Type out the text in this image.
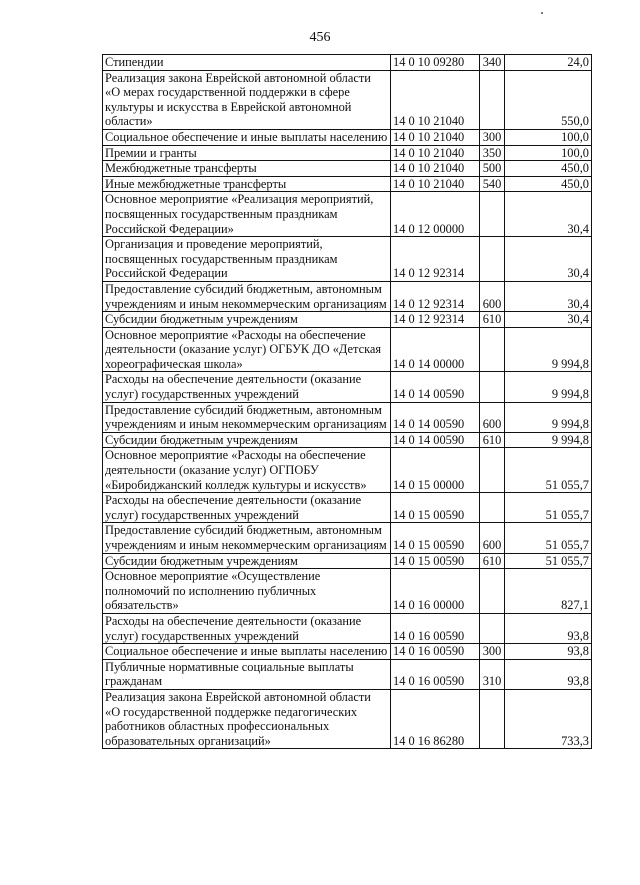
456
Стипендии	14 0 10 09280	340	24,0
Реализация закона Еврейской автономной области «О мерах государственной поддержки в сфере культуры и искусства в Еврейской автономной области»	14 0 10 21040		550,0
Социальное обеспечение и иные выплаты населению	14 0 10 21040	300	100,0
Премии и гранты	14 0 10 21040	350	100,0
Межбюджетные трансферты	14 0 10 21040	500	450,0
Иные межбюджетные трансферты	14 0 10 21040	540	450,0
Основное мероприятие «Реализация мероприятий, посвященных государственным праздникам Российской Федерации»	14 0 12 00000		30,4
Организация и проведение мероприятий, посвященных государственным праздникам Российской Федерации	14 0 12 92314		30,4
Предоставление субсидий бюджетным, автономным учреждениям и иным некоммерческим организациям	14 0 12 92314	600	30,4
Субсидии бюджетным учреждениям	14 0 12 92314	610	30,4
Основное мероприятие «Расходы на обеспечение деятельности (оказание услуг) ОГБУК ДО «Детская хореографическая школа»	14 0 14 00000		9 994,8
Расходы на обеспечение деятельности (оказание услуг) государственных учреждений	14 0 14 00590		9 994,8
Предоставление субсидий бюджетным, автономным учреждениям и иным некоммерческим организациям	14 0 14 00590	600	9 994,8
Субсидии бюджетным учреждениям	14 0 14 00590	610	9 994,8
Основное мероприятие «Расходы на обеспечение деятельности (оказание услуг) ОГПОБУ «Биробиджанский колледж культуры и искусств»	14 0 15 00000		51 055,7
Расходы на обеспечение деятельности (оказание услуг) государственных учреждений	14 0 15 00590		51 055,7
Предоставление субсидий бюджетным, автономным учреждениям и иным некоммерческим организациям	14 0 15 00590	600	51 055,7
Субсидии бюджетным учреждениям	14 0 15 00590	610	51 055,7
Основное мероприятие «Осуществление полномочий по исполнению публичных обязательств»	14 0 16 00000		827,1
Расходы на обеспечение деятельности (оказание услуг) государственных учреждений	14 0 16 00590		93,8
Социальное обеспечение и иные выплаты населению	14 0 16 00590	300	93,8
Публичные нормативные социальные выплаты гражданам	14 0 16 00590	310	93,8
Реализация закона Еврейской автономной области «О государственной поддержке педагогических работников областных профессиональных образовательных организаций»	14 0 16 86280		733,3
